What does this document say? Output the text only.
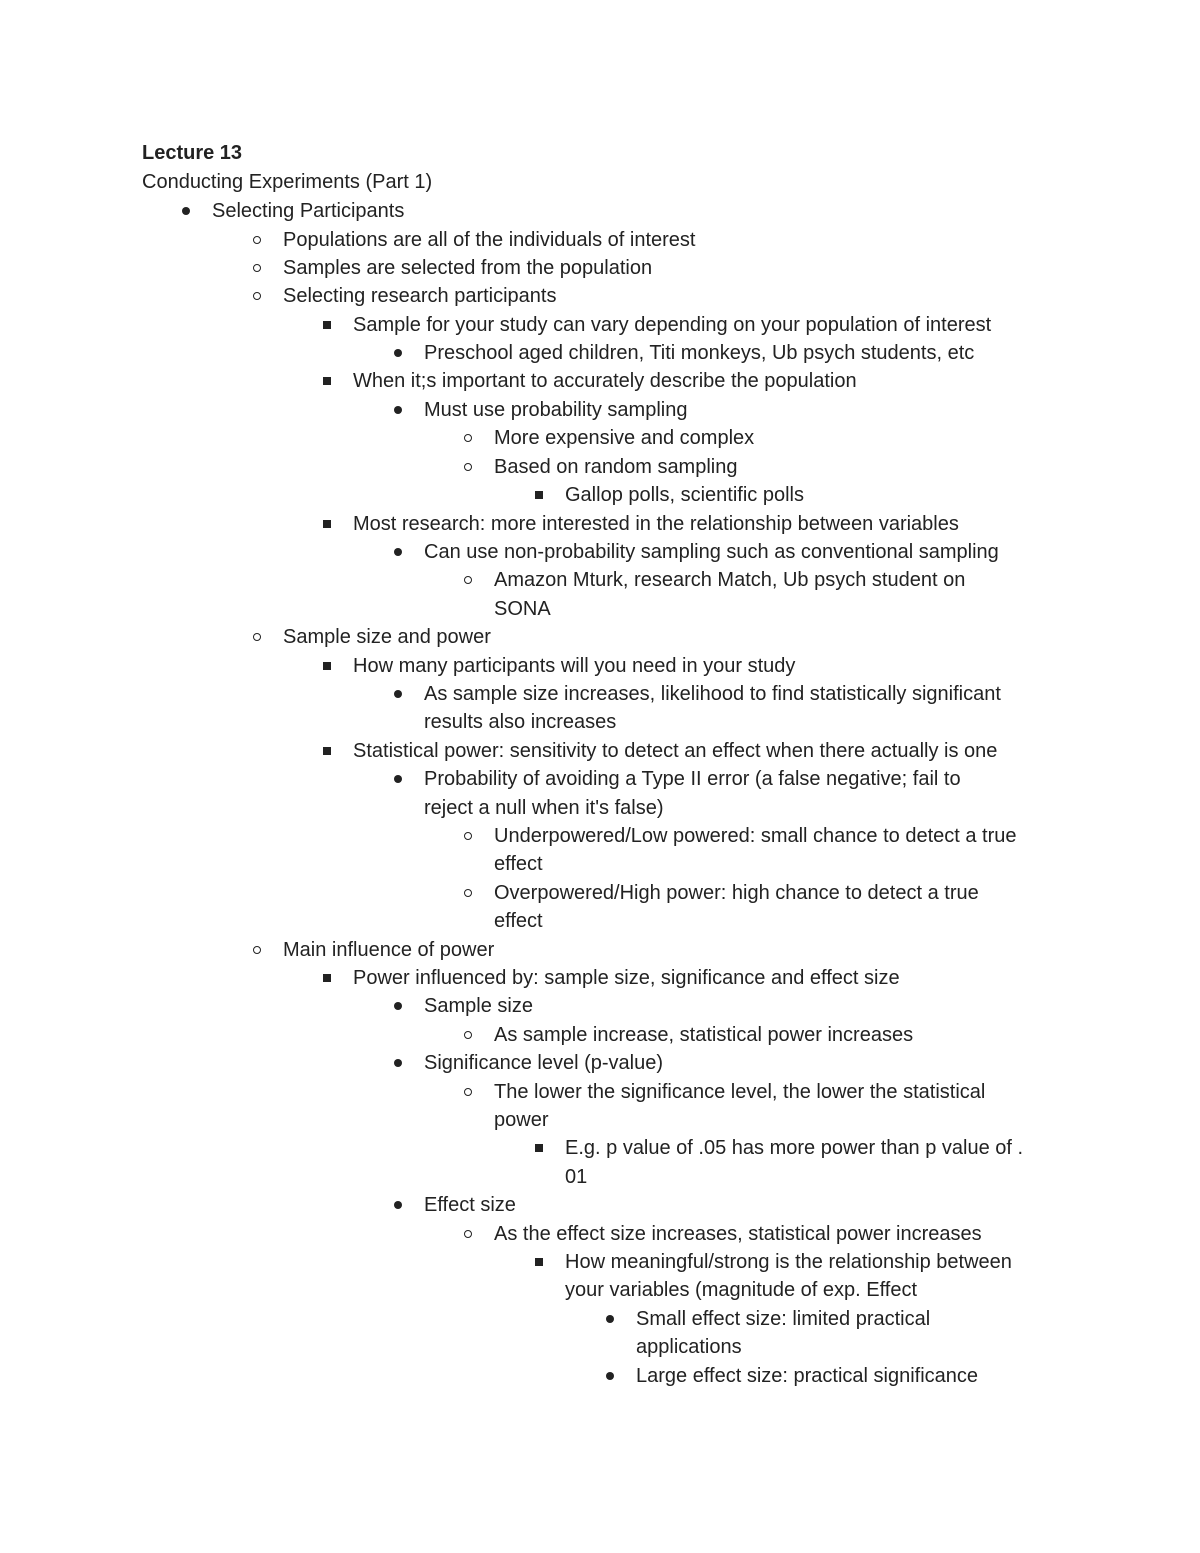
Lecture 13
Conducting Experiments (Part 1)
Selecting Participants
Populations are all of the individuals of interest
Samples are selected from the population
Selecting research participants
Sample for your study can vary depending on your population of interest
Preschool aged children, Titi monkeys, Ub psych students, etc
When it;s important to accurately describe the population
Must use probability sampling
More expensive and complex
Based on random sampling
Gallop polls, scientific polls
Most research: more interested in the relationship between variables
Can use non-probability sampling such as conventional sampling
Amazon Mturk, research Match, Ub psych student on
SONA
Sample size and power
How many participants will you need in your study
As sample size increases, likelihood to find statistically significant
results also increases
Statistical power: sensitivity to detect an effect when there actually is one
Probability of avoiding a Type II error (a false negative; fail to
reject a null when it's false)
Underpowered/Low powered: small chance to detect a true
effect
Overpowered/High power: high chance to detect a true
effect
Main influence of power
Power influenced by: sample size, significance and effect size
Sample size
As sample increase, statistical power increases
Significance level (p-value)
The lower the significance level, the lower the statistical
power
E.g. p value of .05 has more power than p value of .
01
Effect size
As the effect size increases, statistical power increases
How meaningful/strong is the relationship between
your variables (magnitude of exp. Effect
Small effect size: limited practical
applications
Large effect size: practical significance
